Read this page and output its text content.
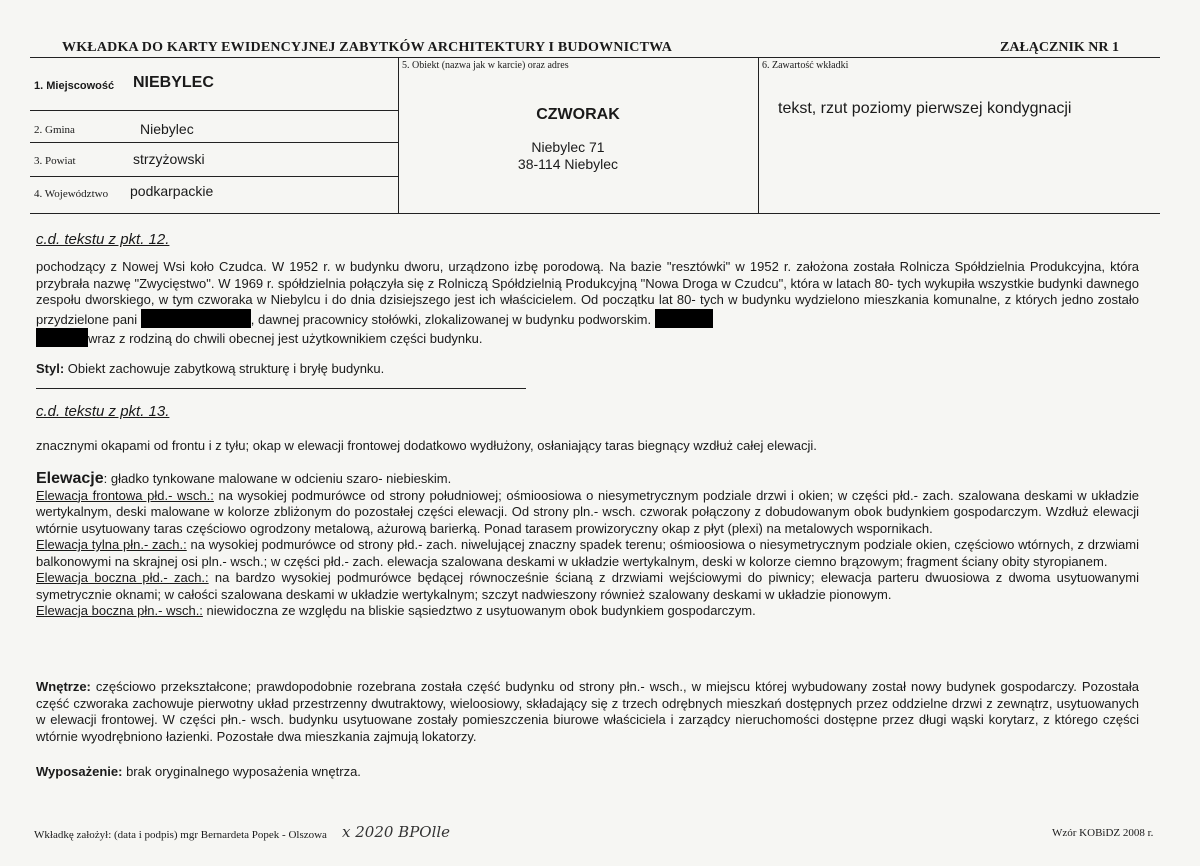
WKŁADKA DO KARTY EWIDENCYJNEJ ZABYTKÓW ARCHITEKTURY I BUDOWNICTWA	ZAŁĄCZNIK NR 1
1. Miejscowość NIEBYLEC
2. Gmina	Niebylec
3. Powiat	strzyżowski
4. Województwo podkarpackie
5. Obiekt (nazwa jak w karcie) oraz adres
CZWORAK
Niebylec 71
38-114 Niebylec
6. Zawartość wkładki
tekst, rzut poziomy pierwszej kondygnacji
c.d. tekstu z pkt. 12.
pochodzący z Nowej Wsi koło Czudca. W 1952 r. w budynku dworu, urządzono izbę porodową. Na bazie "resztówki" w 1952 r. założona została Rolnicza Spółdzielnia Produkcyjna, która przybrała nazwę "Zwycięstwo". W 1969 r. spółdzielnia połączyła się z Rolniczą Spółdzielnią Produkcyjną "Nowa Droga w Czudcu", która w latach 80- tych wykupiła wszystkie budynki dawnego zespołu dworskiego, w tym czworaka w Niebylcu i do dnia dzisiejszego jest ich właścicielem. Od początku lat 80- tych w budynku wydzielono mieszkania komunalne, z których jedno zostało przydzielone pani	, dawnej pracownicy stołówki, zlokalizowanej w budynku podworskim.
wraz z rodziną do chwili obecnej jest użytkownikiem części budynku.
Styl: Obiekt zachowuje zabytkową strukturę i bryłę budynku.
c.d. tekstu z pkt. 13.
znacznymi okapami od frontu i z tyłu; okap w elewacji frontowej dodatkowo wydłużony, osłaniający taras biegnący wzdłuż całej elewacji.
Elewacje: gładko tynkowane malowane w odcieniu szaro- niebieskim.
Elewacja frontowa płd.- wsch.: na wysokiej podmurówce od strony południowej; ośmioosiowa o niesymetrycznym podziale drzwi i okien; w części płd.- zach. szalowana deskami w układzie wertykalnym, deski malowane w kolorze zbliżonym do pozostałej części elewacji. Od strony pln.- wsch. czworak połączony z dobudowanym obok budynkiem gospodarczym. Wzdłuż elewacji wtórnie usytuowany taras częściowo ogrodzony metalową, ażurową barierką. Ponad tarasem prowizoryczny okap z płyt (plexi) na metalowych wspornikach.
Elewacja tylna płn.- zach.: na wysokiej podmurówce od strony płd.- zach. niwelującej znaczny spadek terenu; ośmioosiowa o niesymetrycznym podziale okien, częściowo wtórnych, z drzwiami balkonowymi na skrajnej osi pln.- wsch.; w części płd.- zach. elewacja szalowana deskami w układzie wertykalnym, deski w kolorze ciemno brązowym; fragment ściany obity styropianem.
Elewacja boczna płd.- zach.: na bardzo wysokiej podmurówce będącej równocześnie ścianą z drzwiami wejściowymi do piwnicy; elewacja parteru dwuosiowa z dwoma usytuowanymi symetrycznie oknami; w całości szalowana deskami w układzie wertykalnym; szczyt nadwieszony również szalowany deskami w układzie pionowym.
Elewacja boczna płn.- wsch.: niewidoczna ze względu na bliskie sąsiedztwo z usytuowanym obok budynkiem gospodarczym.
Wnętrze: częściowo przekształcone; prawdopodobnie rozebrana została część budynku od strony płn.- wsch., w miejscu której wybudowany został nowy budynek gospodarczy. Pozostała część czworaka zachowuje pierwotny układ przestrzenny dwutraktowy, wieloosiowy, składający się z trzech odrębnych mieszkań dostępnych przez oddzielne drzwi z zewnątrz, usytuowanych w elewacji frontowej. W części płn.- wsch. budynku usytuowane zostały pomieszczenia biurowe właściciela i zarządcy nieruchomości dostępne przez długi wąski korytarz, z którego części wtórnie wyodrębniono łazienki. Pozostałe dwa mieszkania zajmują lokatorzy.
Wyposażenie: brak oryginalnego wyposażenia wnętrza.
Wkładkę założył: (data i podpis) mgr Bernardeta Popek - Olszowa x 2020 BPOlle	Wzór KOBiDZ 2008 r.
